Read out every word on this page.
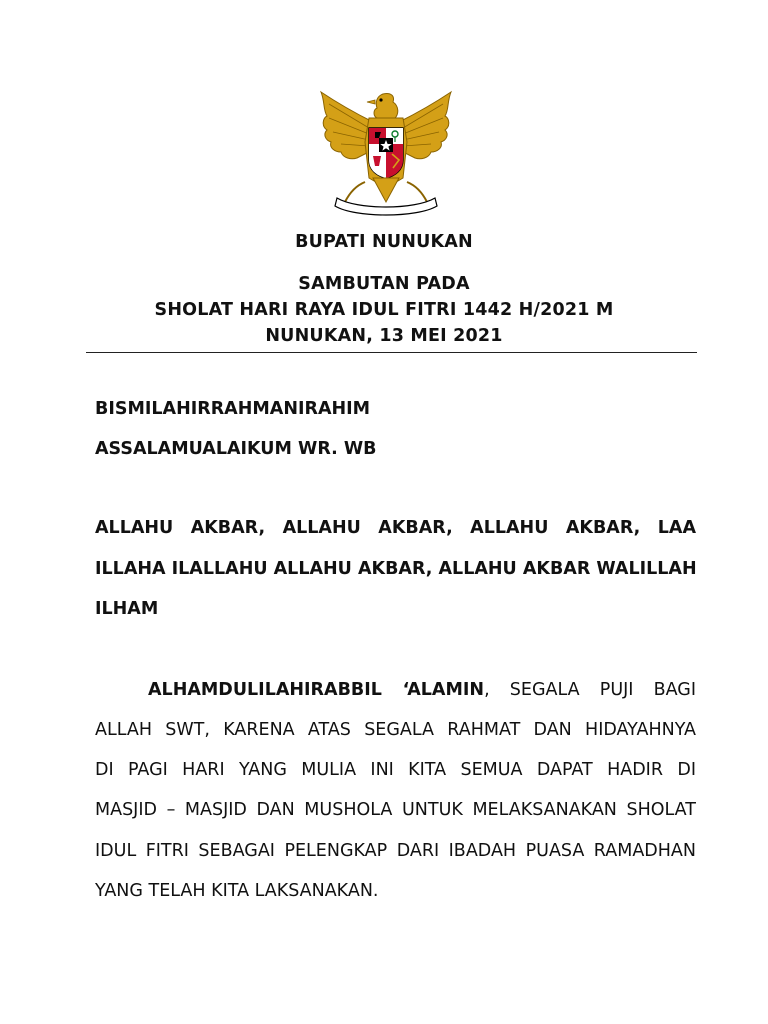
BUPATI NUNUKAN
SAMBUTAN PADA
SHOLAT HARI RAYA IDUL FITRI 1442 H/2021 M
NUNUKAN, 13 MEI 2021
BISMILAHIRRAHMANIRAHIM
ASSALAMUALAIKUM WR. WB
ALLAHU AKBAR, ALLAHU AKBAR, ALLAHU AKBAR, LAA
ILLAHA ILALLAHU ALLAHU AKBAR, ALLAHU AKBAR WALILLAH
ILHAM
ALHAMDULILAHIRABBIL ‘ALAMIN, SEGALA PUJI BAGI
ALLAH SWT, KARENA ATAS SEGALA RAHMAT DAN HIDAYAHNYA
DI PAGI HARI YANG MULIA INI KITA SEMUA DAPAT HADIR DI
MASJID – MASJID DAN MUSHOLA UNTUK MELAKSANAKAN SHOLAT
IDUL FITRI SEBAGAI PELENGKAP DARI IBADAH PUASA RAMADHAN
YANG TELAH KITA LAKSANAKAN.
